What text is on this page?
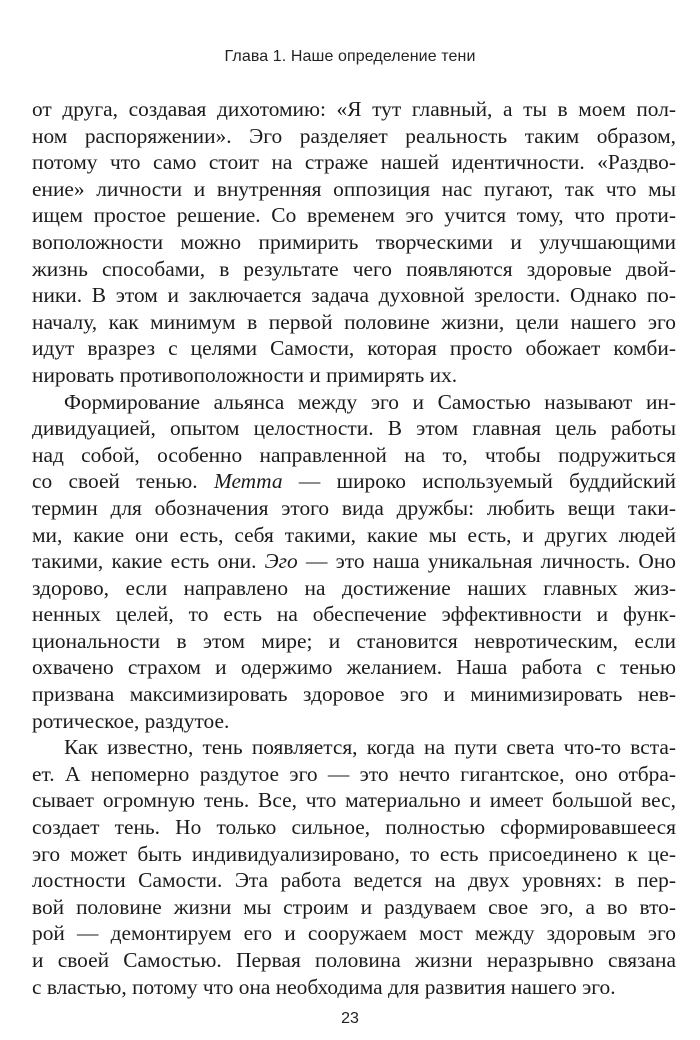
Глава 1. Наше определение тени
от друга, создавая дихотомию: «Я тут главный, а ты в моем пол-
ном распоряжении». Эго разделяет реальность таким образом,
потому что само стоит на страже нашей идентичности. «Раздво-
ение» личности и внутренняя оппозиция нас пугают, так что мы
ищем простое решение. Со временем эго учится тому, что проти-
воположности можно примирить творческими и улучшающими
жизнь способами, в результате чего появляются здоровые двой-
ники. В этом и заключается задача духовной зрелости. Однако по-
началу, как минимум в первой половине жизни, цели нашего эго
идут вразрез с целями Самости, которая просто обожает комби-
нировать противоположности и примирять их.
Формирование альянса между эго и Самостью называют ин-
дивидуацией, опытом целостности. В этом главная цель работы
над собой, особенно направленной на то, чтобы подружиться
со своей тенью. Метта — широко используемый буддийский
термин для обозначения этого вида дружбы: любить вещи таки-
ми, какие они есть, себя такими, какие мы есть, и других людей
такими, какие есть они. Эго — это наша уникальная личность. Оно
здорово, если направлено на достижение наших главных жиз-
ненных целей, то есть на обеспечение эффективности и функ-
циональности в этом мире; и становится невротическим, если
охвачено страхом и одержимо желанием. Наша работа с тенью
призвана максимизировать здоровое эго и минимизировать нев-
ротическое, раздутое.
Как известно, тень появляется, когда на пути света что-то вста-
ет. А непомерно раздутое эго — это нечто гигантское, оно отбра-
сывает огромную тень. Все, что материально и имеет большой вес,
создает тень. Но только сильное, полностью сформировавшееся
эго может быть индивидуализировано, то есть присоединено к це-
лостности Самости. Эта работа ведется на двух уровнях: в пер-
вой половине жизни мы строим и раздуваем свое эго, а во вто-
рой — демонтируем его и сооружаем мост между здоровым эго
и своей Самостью. Первая половина жизни неразрывно связана
с властью, потому что она необходима для развития нашего эго.
23
